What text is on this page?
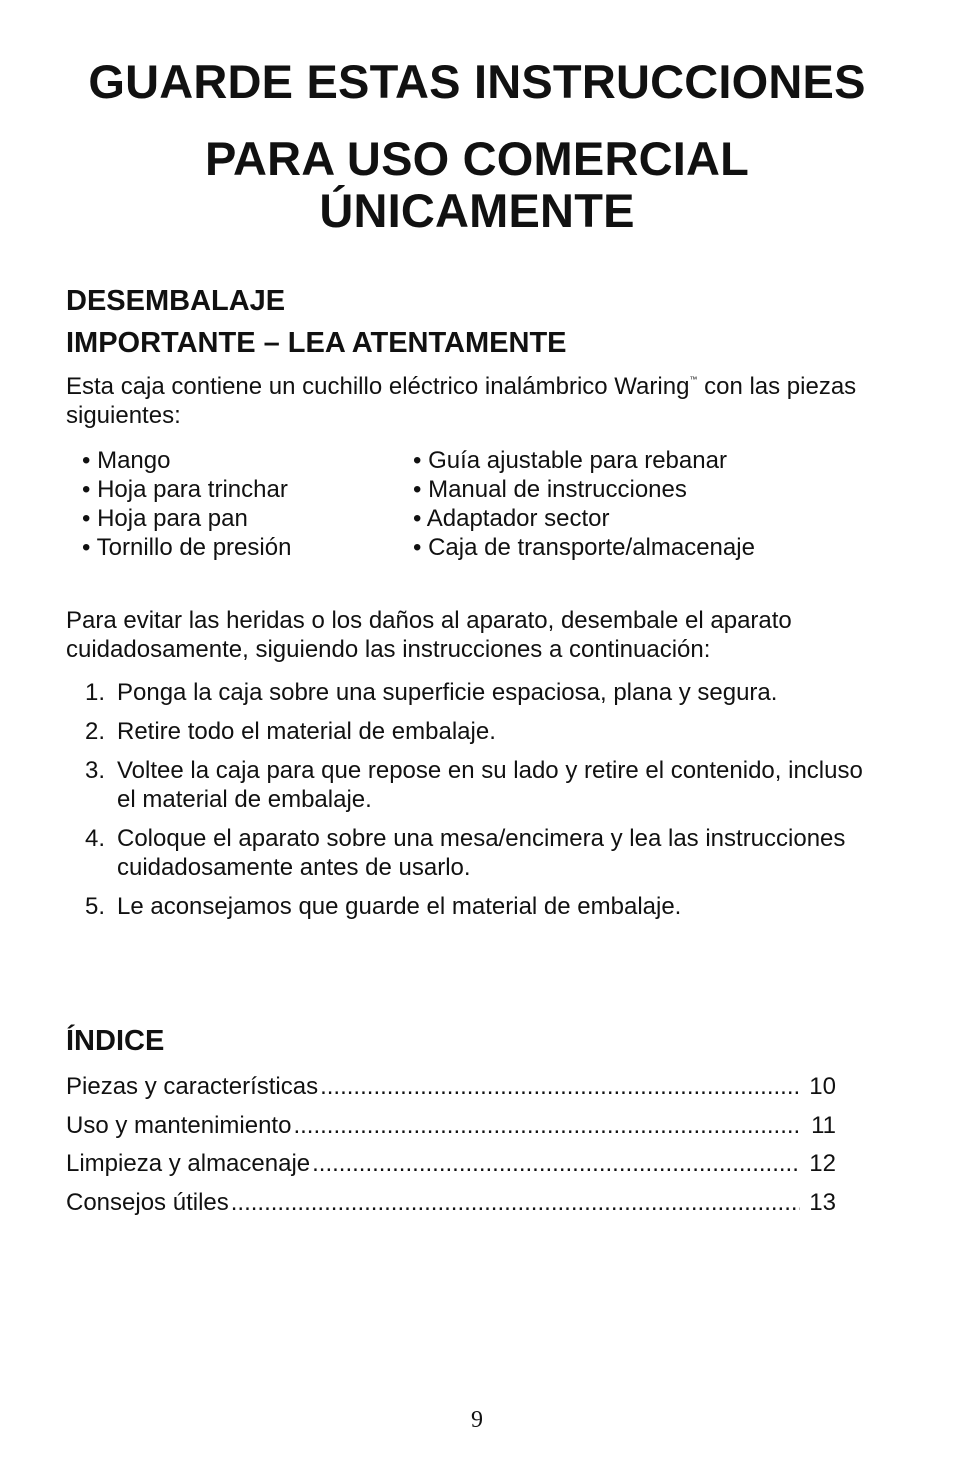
GUARDE ESTAS INSTRUCCIONES
PARA USO COMERCIAL
ÚNICAMENTE
DESEMBALAJE
IMPORTANTE – LEA ATENTAMENTE

Esta caja contiene un cuchillo eléctrico inalámbrico Waring™ con las piezas siguientes:

• Mango
• Hoja para trinchar
• Hoja para pan
• Tornillo de presión
• Guía ajustable para rebanar
• Manual de instrucciones
• Adaptador sector
• Caja de transporte/almacenaje

Para evitar las heridas o los daños al aparato, desembale el aparato cuidadosamente, siguiendo las instrucciones a continuación:

1. Ponga la caja sobre una superficie espaciosa, plana y segura.
2. Retire todo el material de embalaje.
3. Voltee la caja para que repose en su lado y retire el contenido, incluso el material de embalaje.
4. Coloque el aparato sobre una mesa/encimera y lea las instrucciones cuidadosamente antes de usarlo.
5. Le aconsejamos que guarde el material de embalaje.
ÍNDICE
Piezas y características .....	10
Uso y mantenimiento .....	11
Limpieza y almacenaje .....	12
Consejos útiles .....	13

9
